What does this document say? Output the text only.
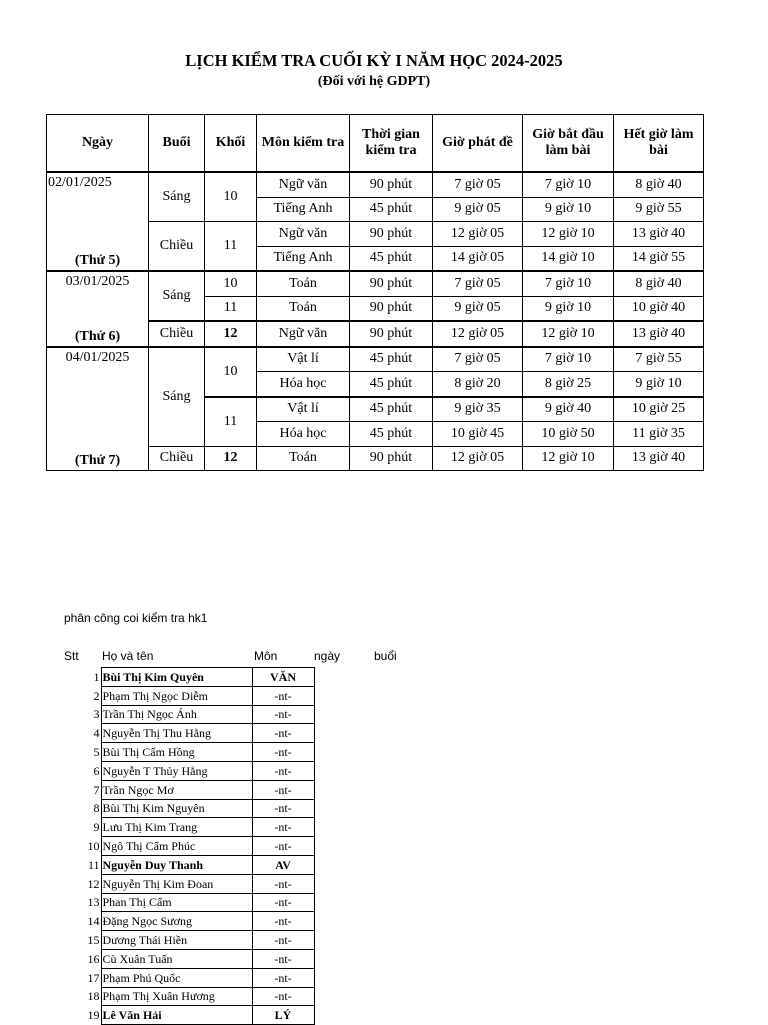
LỊCH KIỂM TRA CUỐI KỲ I NĂM HỌC 2024-2025
(Đối với hệ GDPT)
Ngày	Buổi	Khối	Môn kiểm tra	Thời gian kiểm tra	Giờ phát đề	Giờ bắt đầu làm bài	Hết giờ làm bài

02/01/2025
(Thứ 5)	Sáng	10	Ngữ văn	90 phút	7 giờ 05	7 giờ 10	8 giờ 40
			Tiếng Anh	45 phút	9 giờ 05	9 giờ 10	9 giờ 55
	Chiều	11	Ngữ văn	90 phút	12 giờ 05	12 giờ 10	13 giờ 40
			Tiếng Anh	45 phút	14 giờ 05	14 giờ 10	14 giờ 55

03/01/2025
(Thứ 6)	Sáng	10	Toán	90 phút	7 giờ 05	7 giờ 10	8 giờ 40
		11	Toán	90 phút	9 giờ 05	9 giờ 10	10 giờ 40
	Chiều	12	Ngữ văn	90 phút	12 giờ 05	12 giờ 10	13 giờ 40

04/01/2025
(Thứ 7)	Sáng	10	Vật lí	45 phút	7 giờ 05	7 giờ 10	7 giờ 55
			Hóa học	45 phút	8 giờ 20	8 giờ 25	9 giờ 10
		11	Vật lí	45 phút	9 giờ 35	9 giờ 40	10 giờ 25
			Hóa học	45 phút	10 giờ 45	10 giờ 50	11 giờ 35
	Chiều	12	Toán	90 phút	12 giờ 05	12 giờ 10	13 giờ 40
phân công coi kiểm tra hk1
Stt Họ và tên	Môn	ngày	buổi
1	Bùi Thị Kim Quyên	VĂN
2	Phạm Thị Ngọc Diễm	-nt-
3	Trần Thị Ngọc Ánh	-nt-
4	Nguyễn Thị Thu Hằng	-nt-
5	Bùi Thị Cẩm Hồng	-nt-
6	Nguyễn T Thủy Hằng	-nt-
7	Trần Ngọc Mơ	-nt-
8	Bùi Thị Kim Nguyên	-nt-
9	Lưu Thị Kim Trang	-nt-
10	Ngô Thị Cẩm Phúc	-nt-
11	Nguyễn Duy Thanh	AV
12	Nguyễn Thị Kim Đoan	-nt-
13	Phan Thị Cẩm	-nt-
14	Đặng Ngọc Sương	-nt-
15	Dương Thái Hiền	-nt-
16	Cù Xuân Tuấn	-nt-
17	Phạm Phú Quốc	-nt-
18	Phạm Thị Xuân Hương	-nt-
19	Lê Văn Hải	LÝ
